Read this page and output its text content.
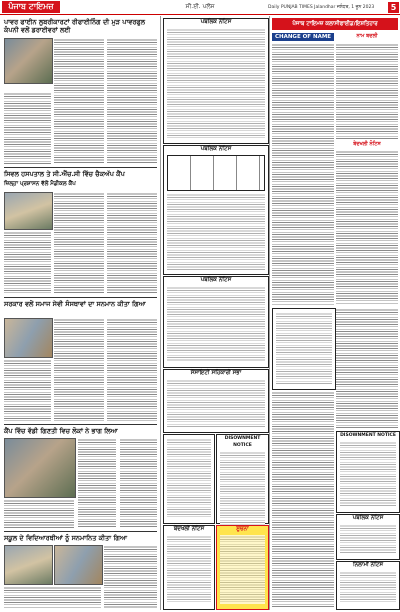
ਪੰਜਾਬ ਟਾਇਮਜ਼	ਸੀ.ਈ. ਪਲੱਸ	Daily PUNJAB TIMES Jalandhar ਜਲੰਧਰ, 1 ਜੂਨ 2023	5
ਪਾਵਰ ਫਾਈਨ ਲੁਬਰੀਕਾਰਟਾਂ ਰੀਫਾਈਨਿੰਗ ਦੀ ਮੁੜ ਪਾਵਰਫੁਲ ਕੰਪਨੀ ਵਲੋਂ ਡਰਾਈਵਰਾਂ ਲਈ
ਸਿਵਲ ਹਸਪਤਾਲ ਤੇ ਸੀ.ਐੱਚ.ਸੀ ਵਿੱਚ ਚੈਕਅੱਪ ਕੈਂਪ
ਜ਼ਿਲ੍ਹਾ ਪ੍ਰਸ਼ਾਸਨ ਵੱਲੋਂ ਮੈਡੀਕਲ ਕੈਂਪ
ਸਰਕਾਰ ਵਲੋਂ ਸਮਾਜ ਸੇਵੀ ਸੰਸਥਾਵਾਂ ਦਾ ਸਨਮਾਨ ਕੀਤਾ ਗਿਆ
ਕੈਂਪ ਵਿੱਚ ਵੱਡੀ ਗਿਣਤੀ ਵਿਚ ਲੋਕਾਂ ਨੇ ਭਾਗ ਲਿਆ
ਸਕੂਲ ਦੇ ਵਿਦਿਆਰਥੀਆਂ ਨੂੰ ਸਨਮਾਨਿਤ ਕੀਤਾ ਗਿਆ
ਪਬਲਿਕ ਨੋਟਿਸ
ਪਬਲਿਕ ਨੋਟਿਸ
ਪਬਲਿਕ ਨੋਟਿਸ
ਸੋਸਾਇਟੀ ਸਹਿਕਾਰੀ ਸਭਾ
DISOWNMENT NOTICE
ਬੇਦਖਲੀ ਨੋਟਿਸ	ਸੂਚਨਾ
ਪੰਜਾਬ ਟਾਇਮਜ਼ ਕਲਾਸੀਫਾਈਡ/ਇਸ਼ਤਿਹਾਰ
CHANGE OF NAME	ਨਾਮ ਬਦਲੀ
ਬੇਦਖਲੀ ਨੋਟਿਸ
DISOWNMENT NOTICE
ਪਬਲਿਕ ਨੋਟਿਸ
ਨਿਲਾਮੀ ਨੋਟਿਸ
